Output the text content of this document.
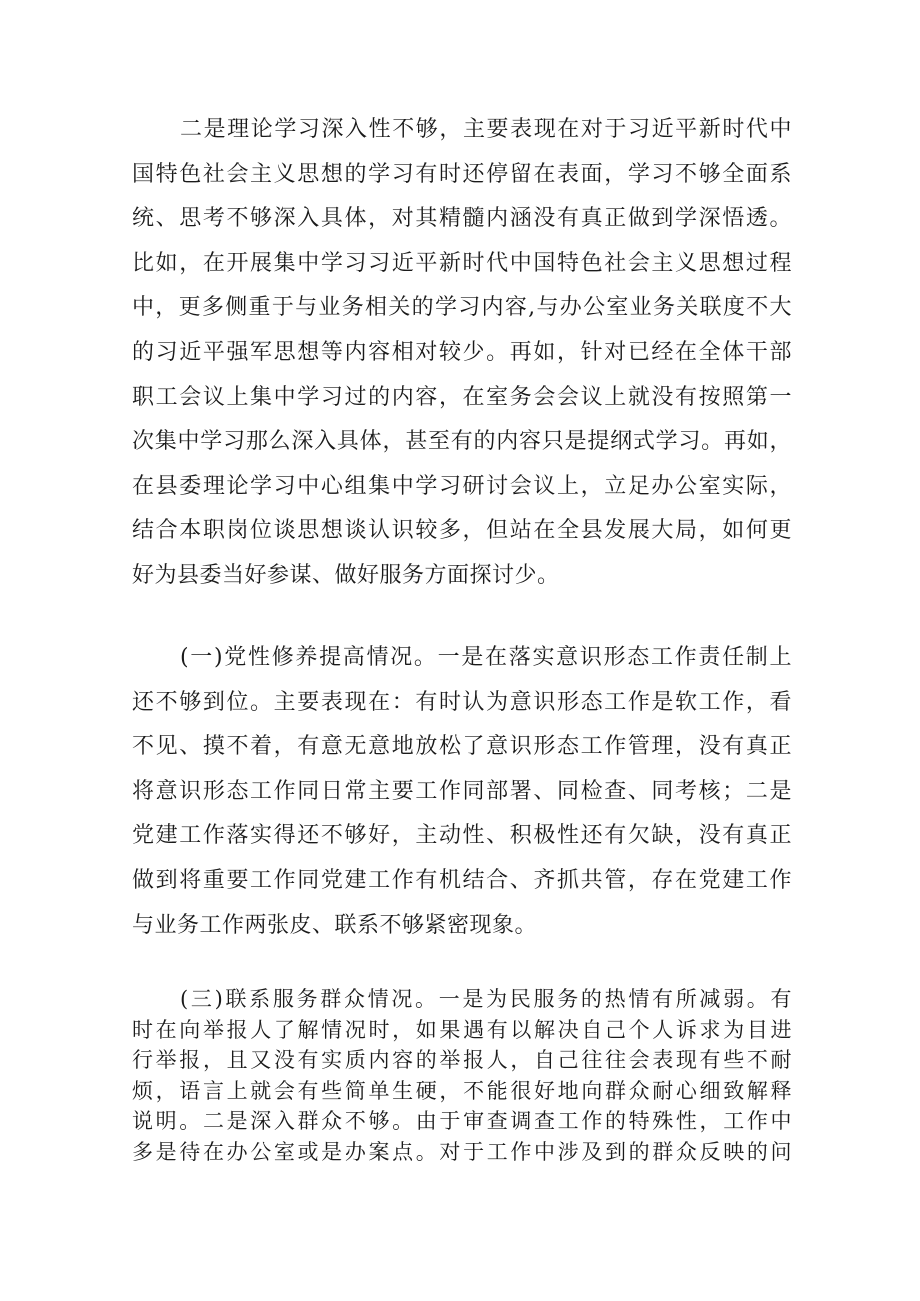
二是理论学习深入性不够，主要表现在对于习近平新时代中
国特色社会主义思想的学习有时还停留在表面，学习不够全面系
统、思考不够深入具体，对其精髓内涵没有真正做到学深悟透。
比如，在开展集中学习习近平新时代中国特色社会主义思想过程
中，更多侧重于与业务相关的学习内容,与办公室业务关联度不大
的习近平强军思想等内容相对较少。再如，针对已经在全体干部
职工会议上集中学习过的内容，在室务会会议上就没有按照第一
次集中学习那么深入具体，甚至有的内容只是提纲式学习。再如，
在县委理论学习中心组集中学习研讨会议上，立足办公室实际，
结合本职岗位谈思想谈认识较多，但站在全县发展大局，如何更
好为县委当好参谋、做好服务方面探讨少。
(一)党性修养提高情况。一是在落实意识形态工作责任制上
还不够到位。主要表现在：有时认为意识形态工作是软工作，看
不见、摸不着，有意无意地放松了意识形态工作管理，没有真正
将意识形态工作同日常主要工作同部署、同检查、同考核；二是
党建工作落实得还不够好，主动性、积极性还有欠缺，没有真正
做到将重要工作同党建工作有机结合、齐抓共管，存在党建工作
与业务工作两张皮、联系不够紧密现象。
(三)联系服务群众情况。一是为民服务的热情有所减弱。有
时在向举报人了解情况时，如果遇有以解决自己个人诉求为目进
行举报，且又没有实质内容的举报人，自己往往会表现有些不耐
烦，语言上就会有些简单生硬，不能很好地向群众耐心细致解释
说明。二是深入群众不够。由于审查调查工作的特殊性，工作中
多是待在办公室或是办案点。对于工作中涉及到的群众反映的问
